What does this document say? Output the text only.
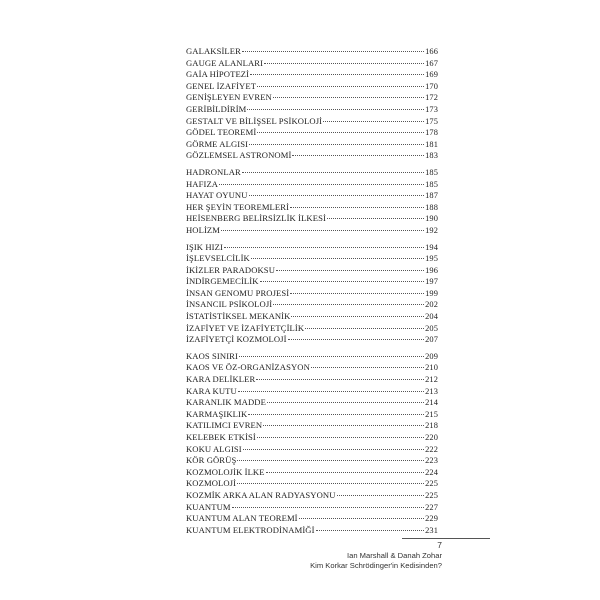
GALAKSİLER	166
GAUGE ALANLARI	167
GAİA HİPOTEZİ	169
GENEL İZAFİYET	170
GENİŞLEYEN EVREN	172
GERİBİLDİRİM	173
GESTALT VE BİLİŞSEL PSİKOLOJİ	175
GÖDEL TEOREMİ	178
GÖRME ALGISI	181
GÖZLEMSEL ASTRONOMİ	183
HADRONLAR	185
HAFIZA	185
HAYAT OYUNU	187
HER ŞEYİN TEOREMLERİ	188
HEİSENBERG BELİRSİZLİK İLKESİ	190
HOLİZM	192
IŞIK HIZI	194
İŞLEVSELCİLİK	195
İKİZLER PARADOKSU	196
İNDİRGEMECİLİK	197
İNSAN GENOMU PROJESİ	199
İNSANCIL PSİKOLOJİ	202
İSTATİSTİKSEL MEKANİK	204
İZAFİYET VE İZAFİYETÇİLİK	205
İZAFİYETÇİ KOZMOLOJİ	207
KAOS SINIRI	209
KAOS VE ÖZ-ORGANİZASYON	210
KARA DELİKLER	212
KARA KUTU	213
KARANLIK MADDE	214
KARMAŞIKLIK	215
KATILIMCI EVREN	218
KELEBEK ETKİSİ	220
KOKU ALGISI	222
KÖR GÖRÜŞ	223
KOZMOLOJİK İLKE	224
KOZMOLOJİ	225
KOZMİK ARKA ALAN RADYASYONU	225
KUANTUM	227
KUANTUM ALAN TEOREMİ	229
KUANTUM ELEKTRODİNAMİĞİ	231
7
Ian Marshall & Danah Zohar
Kim Korkar Schrödinger'in Kedisinden?
